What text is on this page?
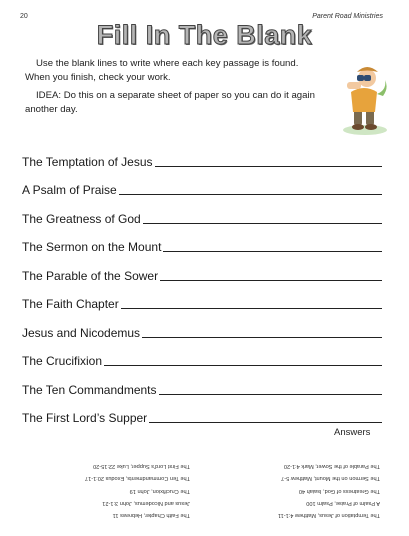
20	Parent Road Ministries
Fill In The Blank

Use the blank lines to write where each key passage is found. When you finish, check your work.

IDEA: Do this on a separate sheet of paper so you can do it again another day.

The Temptation of Jesus
A Psalm of Praise
The Greatness of God
The Sermon on the Mount
The Parable of the Sower
The Faith Chapter
Jesus and Nicodemus
The Crucifixion
The Ten Commandments
The First Lord’s Supper
Answers
The Temptation of Jesus, Matthew 4:1-11
A Psalm of Praise, Psalm 100
The Greatness of God, Isaiah 40
The Sermon on the Mount, Matthew 5-7
The Parable of the Sower, Mark 4:1-20
The Faith Chapter, Hebrews 11
Jesus and Nicodemus, John 3:1-21
The Crucifixion, John 19
The Ten Commandments, Exodus 20:1-17
The First Lord’s Supper, Luke 22:15-20
